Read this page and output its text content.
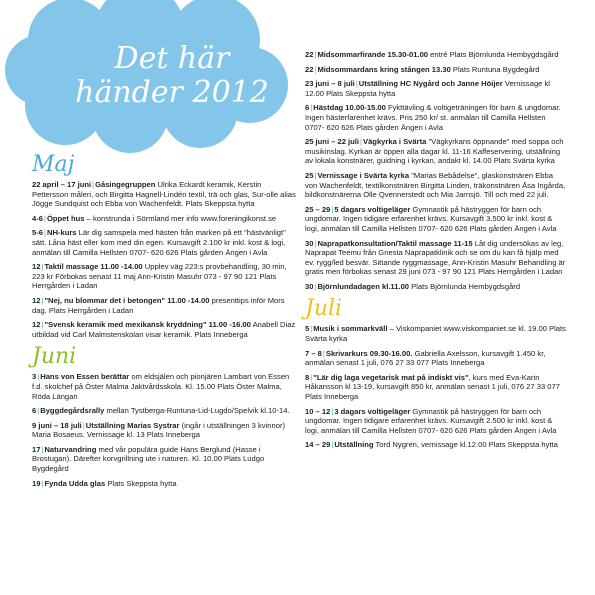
Det här
händer 2012
Maj
22 april – 17 juni|Gåsingegruppen Ulrika Eckardt keramik, Kerstin Pettersson måleri, och Birgitta Hagnell-Lindén textil, trä och glas, Sur-olle alias Jögge Sundquist och Ebba von Wachenfeldt. Plats Skeppsta hytta
4-6|Öppet hus – konstrunda i Sörmland mer info www.foreningikonst.se
5-6|NH-kurs Lär dig samspela med hästen från marken på ett "hästvänligt" sätt. Låna häst eller kom med din egen. Kursavgift 2.100 kr inkl. kost & logi, anmälan till Camilla Hellsten 0707- 620 626 Plats gården Ängen i Avla
12|Taktil massage 11.00 -14.00 Upplev väg 223:s provbehandling, 30 min, 223 kr Förbokas senast 11 maj Ann-Kristin Masuhr 073 - 97 90 121 Plats Herrgården i Ladan
12|"Nej, nu blommar det i betongen" 11.00 -14.00 presenttips inför Mors dag. Plats Herrgården i Ladan
12|"Svensk keramik med mexikansk kryddning" 11.00 -16.00 Anabell Diaz utbildad vid Carl Malmstenskolan visar keramik. Plats Inneberga
Juni
3|Hans von Essen berättar om eldsjälen och pionjären Lambart von Essen f.d. skolchef på Öster Malma Jaktvårdsskola. Kl. 15.00 Plats Öster Malma, Röda Längan
6|Byggdegårdsrally mellan Tystberga-Runtuna-Lid-Lugdo/Spelvik kl.10-14.
9 juni – 18 juli|Utställning Marias Systrar (ingår i utställningen 3 kvinnor) Maria Bosaeus. Vernissage kl. 13 Plats Inneberga
17|Naturvandring med vår populära guide Hans Berglund (Hasse i Brostugan). Därefter korvgrillning ute i naturen. Kl. 10.00 Plats Ludgo Bygdegård
19|Fynda Udda glas Plats Skeppsta hytta
22|Midsommarfirande 15.30-01.00 entré Plats Björnlunda Hembygdsgård
22|Midsommardans kring stången 13.30 Plats Runtuna Bygdegård
23 juni – 8 juli|Utställning HC Nygård och Janne Höijer Vernissage kl 12.00 Plats Skeppsta hytta
6|Hästdag 10.00-15.00 Fykttävling & voltigeträningen för barn & ungdomar. Ingen hästerfarenhet krävs. Pris 250 kr/ st. anmälan till Camilla Hellsten 0707- 620 626 Plats gården Ängen i Avla
25 juni – 22 juli|Vägkyrka i Svärta "Vägkyrkans öppnande" med soppa och musikinslag. Kyrkan är öppen alla dagar kl. 11-16 Kaffeservering, utställning av lokala konstnärer, guidning i kyrkan, andakt kl. 14.00 Plats Svärta kyrka
25|Vernissage i Svärta kyrka "Marias Bebådelse", glaskonstnären Ebba von Wachenfeldt, textilkonstnären Birgitta Linden, träkonstnären Åsa Ingårda, bildkonstnärerna Olle Qvennerstedt och Mia Jarnsjö. Till och med 22 juli.
25 – 29|5 dagars voltigeläger Gymnastik på hästryggen för barn och ungdomar. Ingen tidigare erfarenhet krävs. Kursavgift 3.500 kr inkl. kost & logi, anmälan till Camilla Hellsten 0707- 620 626 Plats gården Ängen i Avla
30|Naprapatkonsultation/Taktil massage 11-15 Låt dig undersökas av leg. Naprapat Teemu från Gnesta Naprapatklinik och se om du kan få hjälp med ev. rygg/led besvär. Sittande ryggmassage, Ann-Kristin Masuhr Behandling är gratis men förbokas senast 29 juni 073 - 97 90 121 Plats Herrgården i Ladan
30|Björnlundadagen kl.11.00 Plats Björnlunda Hembygdsgård
Juli
5|Musik i sommarkväll – Viskompaniet www.viskompaniet.se kl. 19.00 Plats Svärta kyrka
7 – 8|Skrivarkurs 09.30-16.00. Gabriella Axelsson, kursavgift 1.450 kr, anmälan senast 1 juli, 076 27 33 077 Plats Inneberga
8|"Lär dig laga vegetarisk mat på indiskt vis", kurs med Eva-Karin Håkansson kl 13-19, kursavgift 850 kr, anmälan senast 1 juli, 076 27 33 077 Plats Inneberga
10 – 12|3 dagars voltigeläger Gymnastik på hästryggen för barn och ungdomar. Ingen tidigare erfarenhet krävs. Kursavgift 2.500 kr inkl. kost & logi, anmälan till Camilla Hellsten 0707- 620 626 Plats gården Ängen i Avla
14 – 29|Utställning Tord Nygren, vernissage kl.12.00 Plats Skeppsta hytta
